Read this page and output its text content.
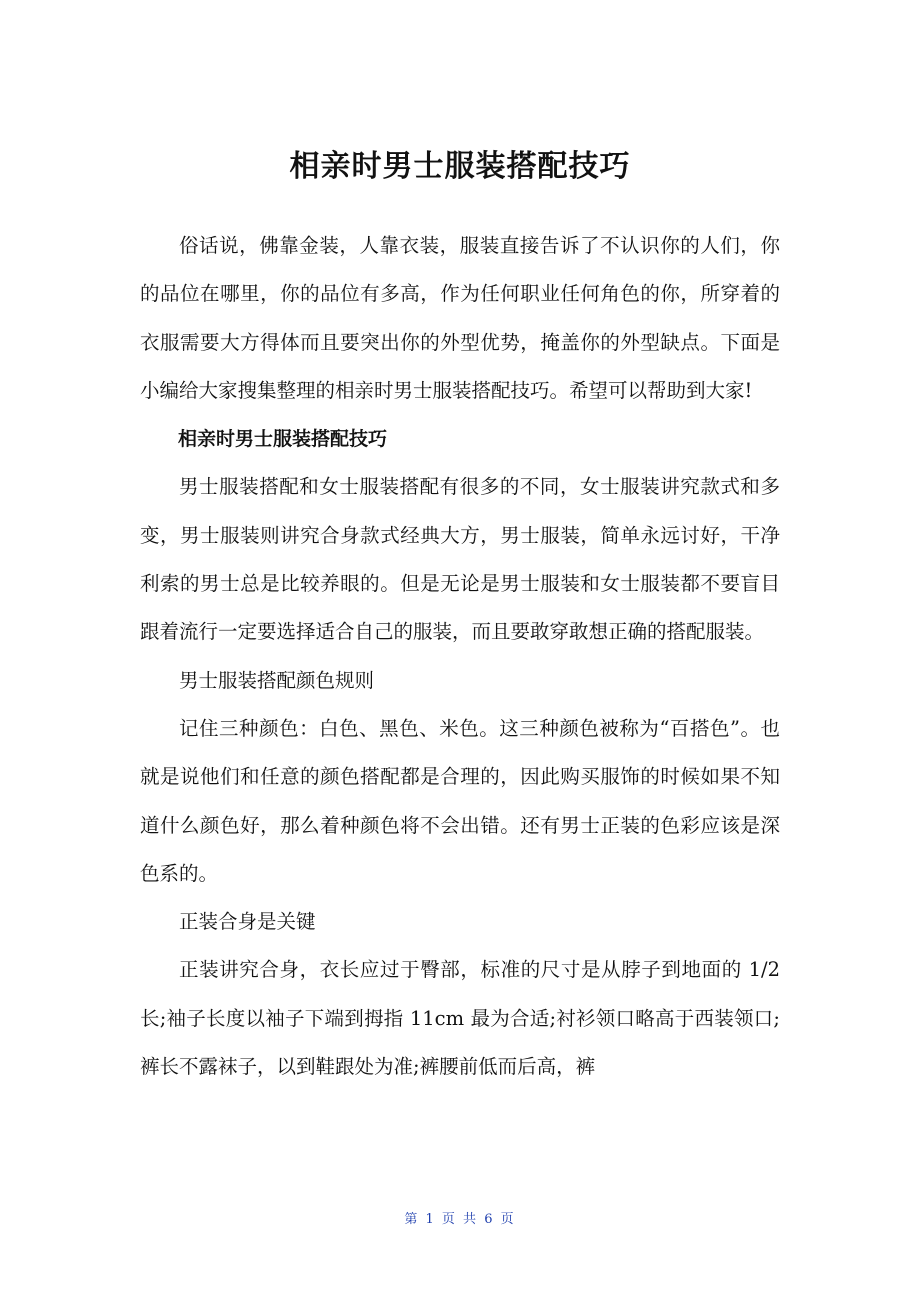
相亲时男士服装搭配技巧

俗话说，佛靠金装，人靠衣装，服装直接告诉了不认识你的人们，你的品位在哪里，你的品位有多高，作为任何职业任何角色的你，所穿着的衣服需要大方得体而且要突出你的外型优势，掩盖你的外型缺点。下面是小编给大家搜集整理的相亲时男士服装搭配技巧。希望可以帮助到大家!

相亲时男士服装搭配技巧

男士服装搭配和女士服装搭配有很多的不同，女士服装讲究款式和多变，男士服装则讲究合身款式经典大方，男士服装，简单永远讨好，干净利索的男士总是比较养眼的。但是无论是男士服装和女士服装都不要盲目跟着流行一定要选择适合自己的服装，而且要敢穿敢想正确的搭配服装。

男士服装搭配颜色规则

记住三种颜色：白色、黑色、米色。这三种颜色被称为“百搭色”。也就是说他们和任意的颜色搭配都是合理的，因此购买服饰的时候如果不知道什么颜色好，那么着种颜色将不会出错。还有男士正装的色彩应该是深色系的。

正装合身是关键

正装讲究合身，衣长应过于臀部，标准的尺寸是从脖子到地面的 1/2 长;袖子长度以袖子下端到拇指 11cm 最为合适;衬衫领口略高于西装领口;裤长不露袜子，以到鞋跟处为准;裤腰前低而后高，裤

第 1 页 共 6 页
